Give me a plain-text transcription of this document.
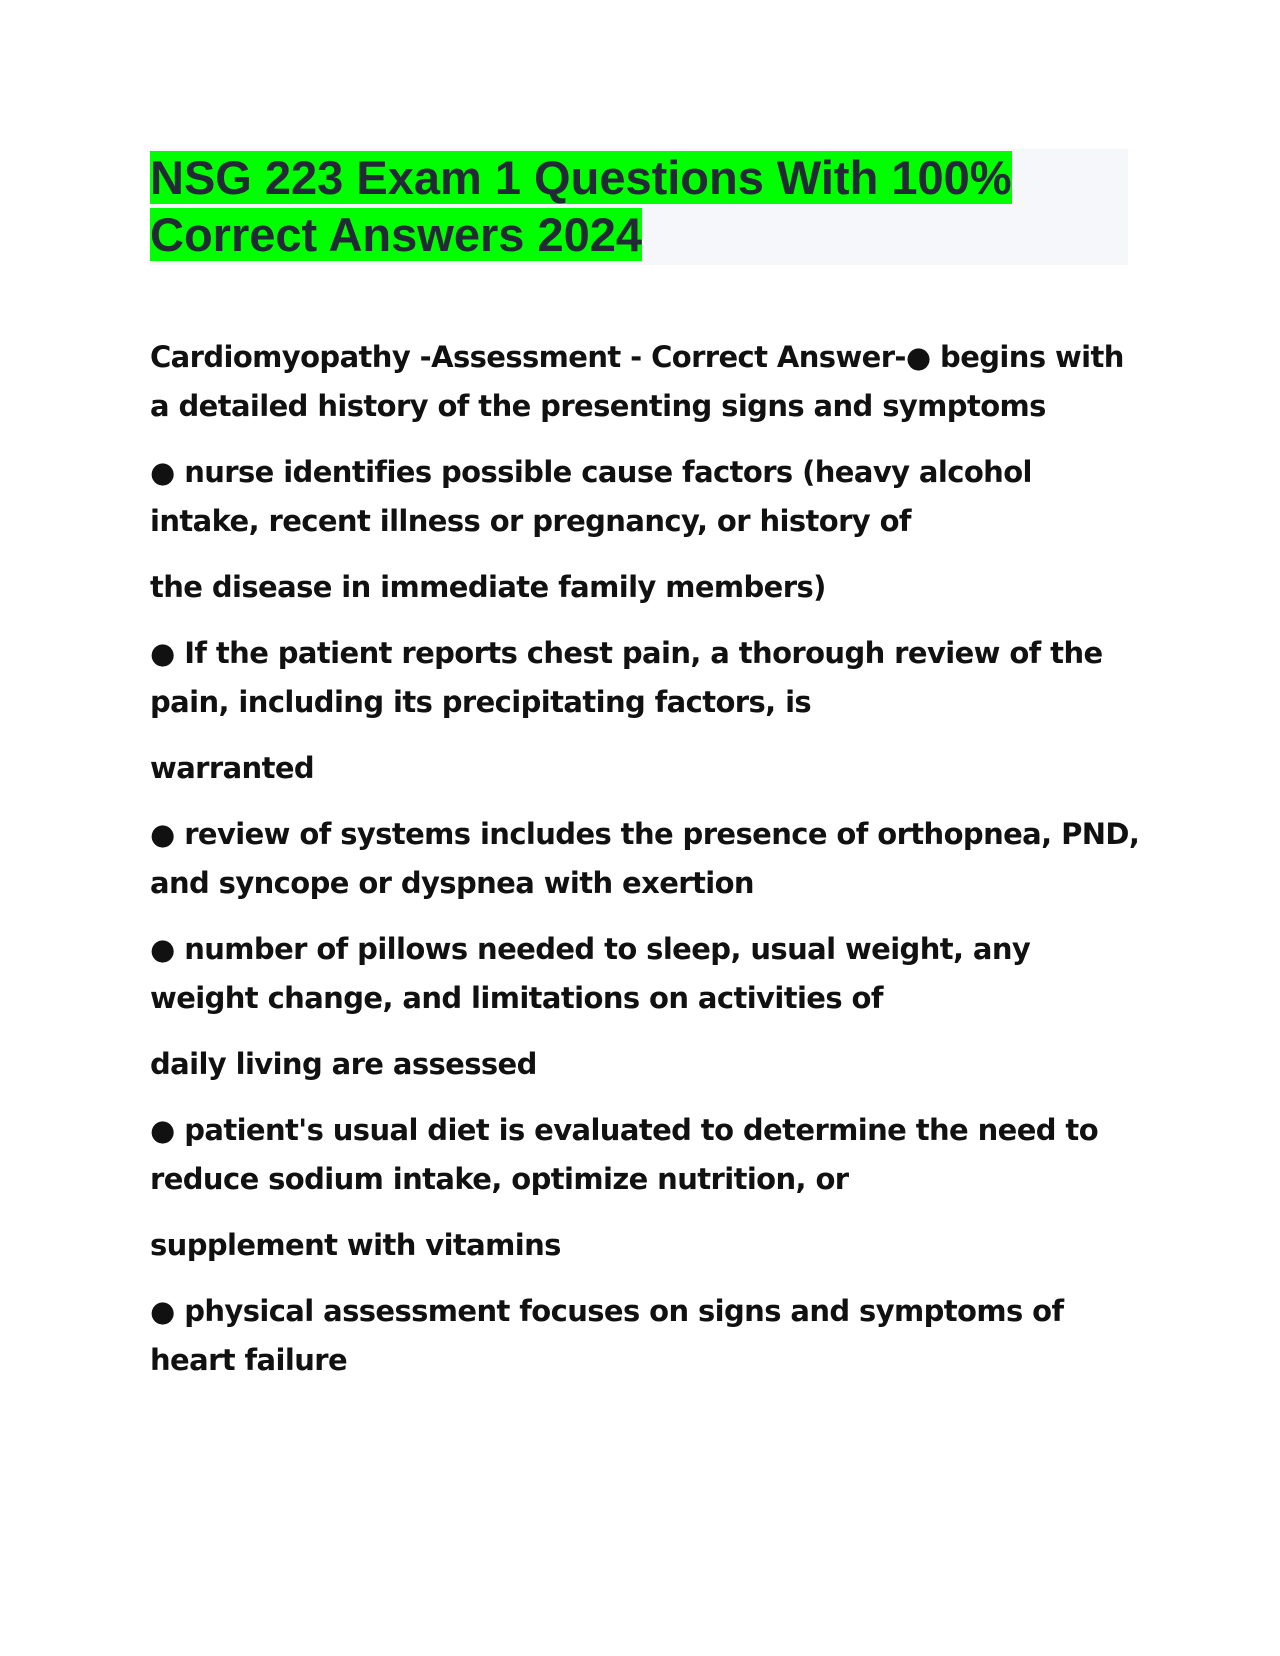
NSG 223 Exam 1 Questions With 100% Correct Answers 2024

Cardiomyopathy -Assessment - Correct Answer-● begins with a detailed history of the presenting signs and symptoms

● nurse identifies possible cause factors (heavy alcohol intake, recent illness or pregnancy, or history of

the disease in immediate family members)

● If the patient reports chest pain, a thorough review of the pain, including its precipitating factors, is

warranted

● review of systems includes the presence of orthopnea, PND, and syncope or dyspnea with exertion

● number of pillows needed to sleep, usual weight, any weight change, and limitations on activities of

daily living are assessed

● patient's usual diet is evaluated to determine the need to reduce sodium intake, optimize nutrition, or

supplement with vitamins

● physical assessment focuses on signs and symptoms of heart failure
